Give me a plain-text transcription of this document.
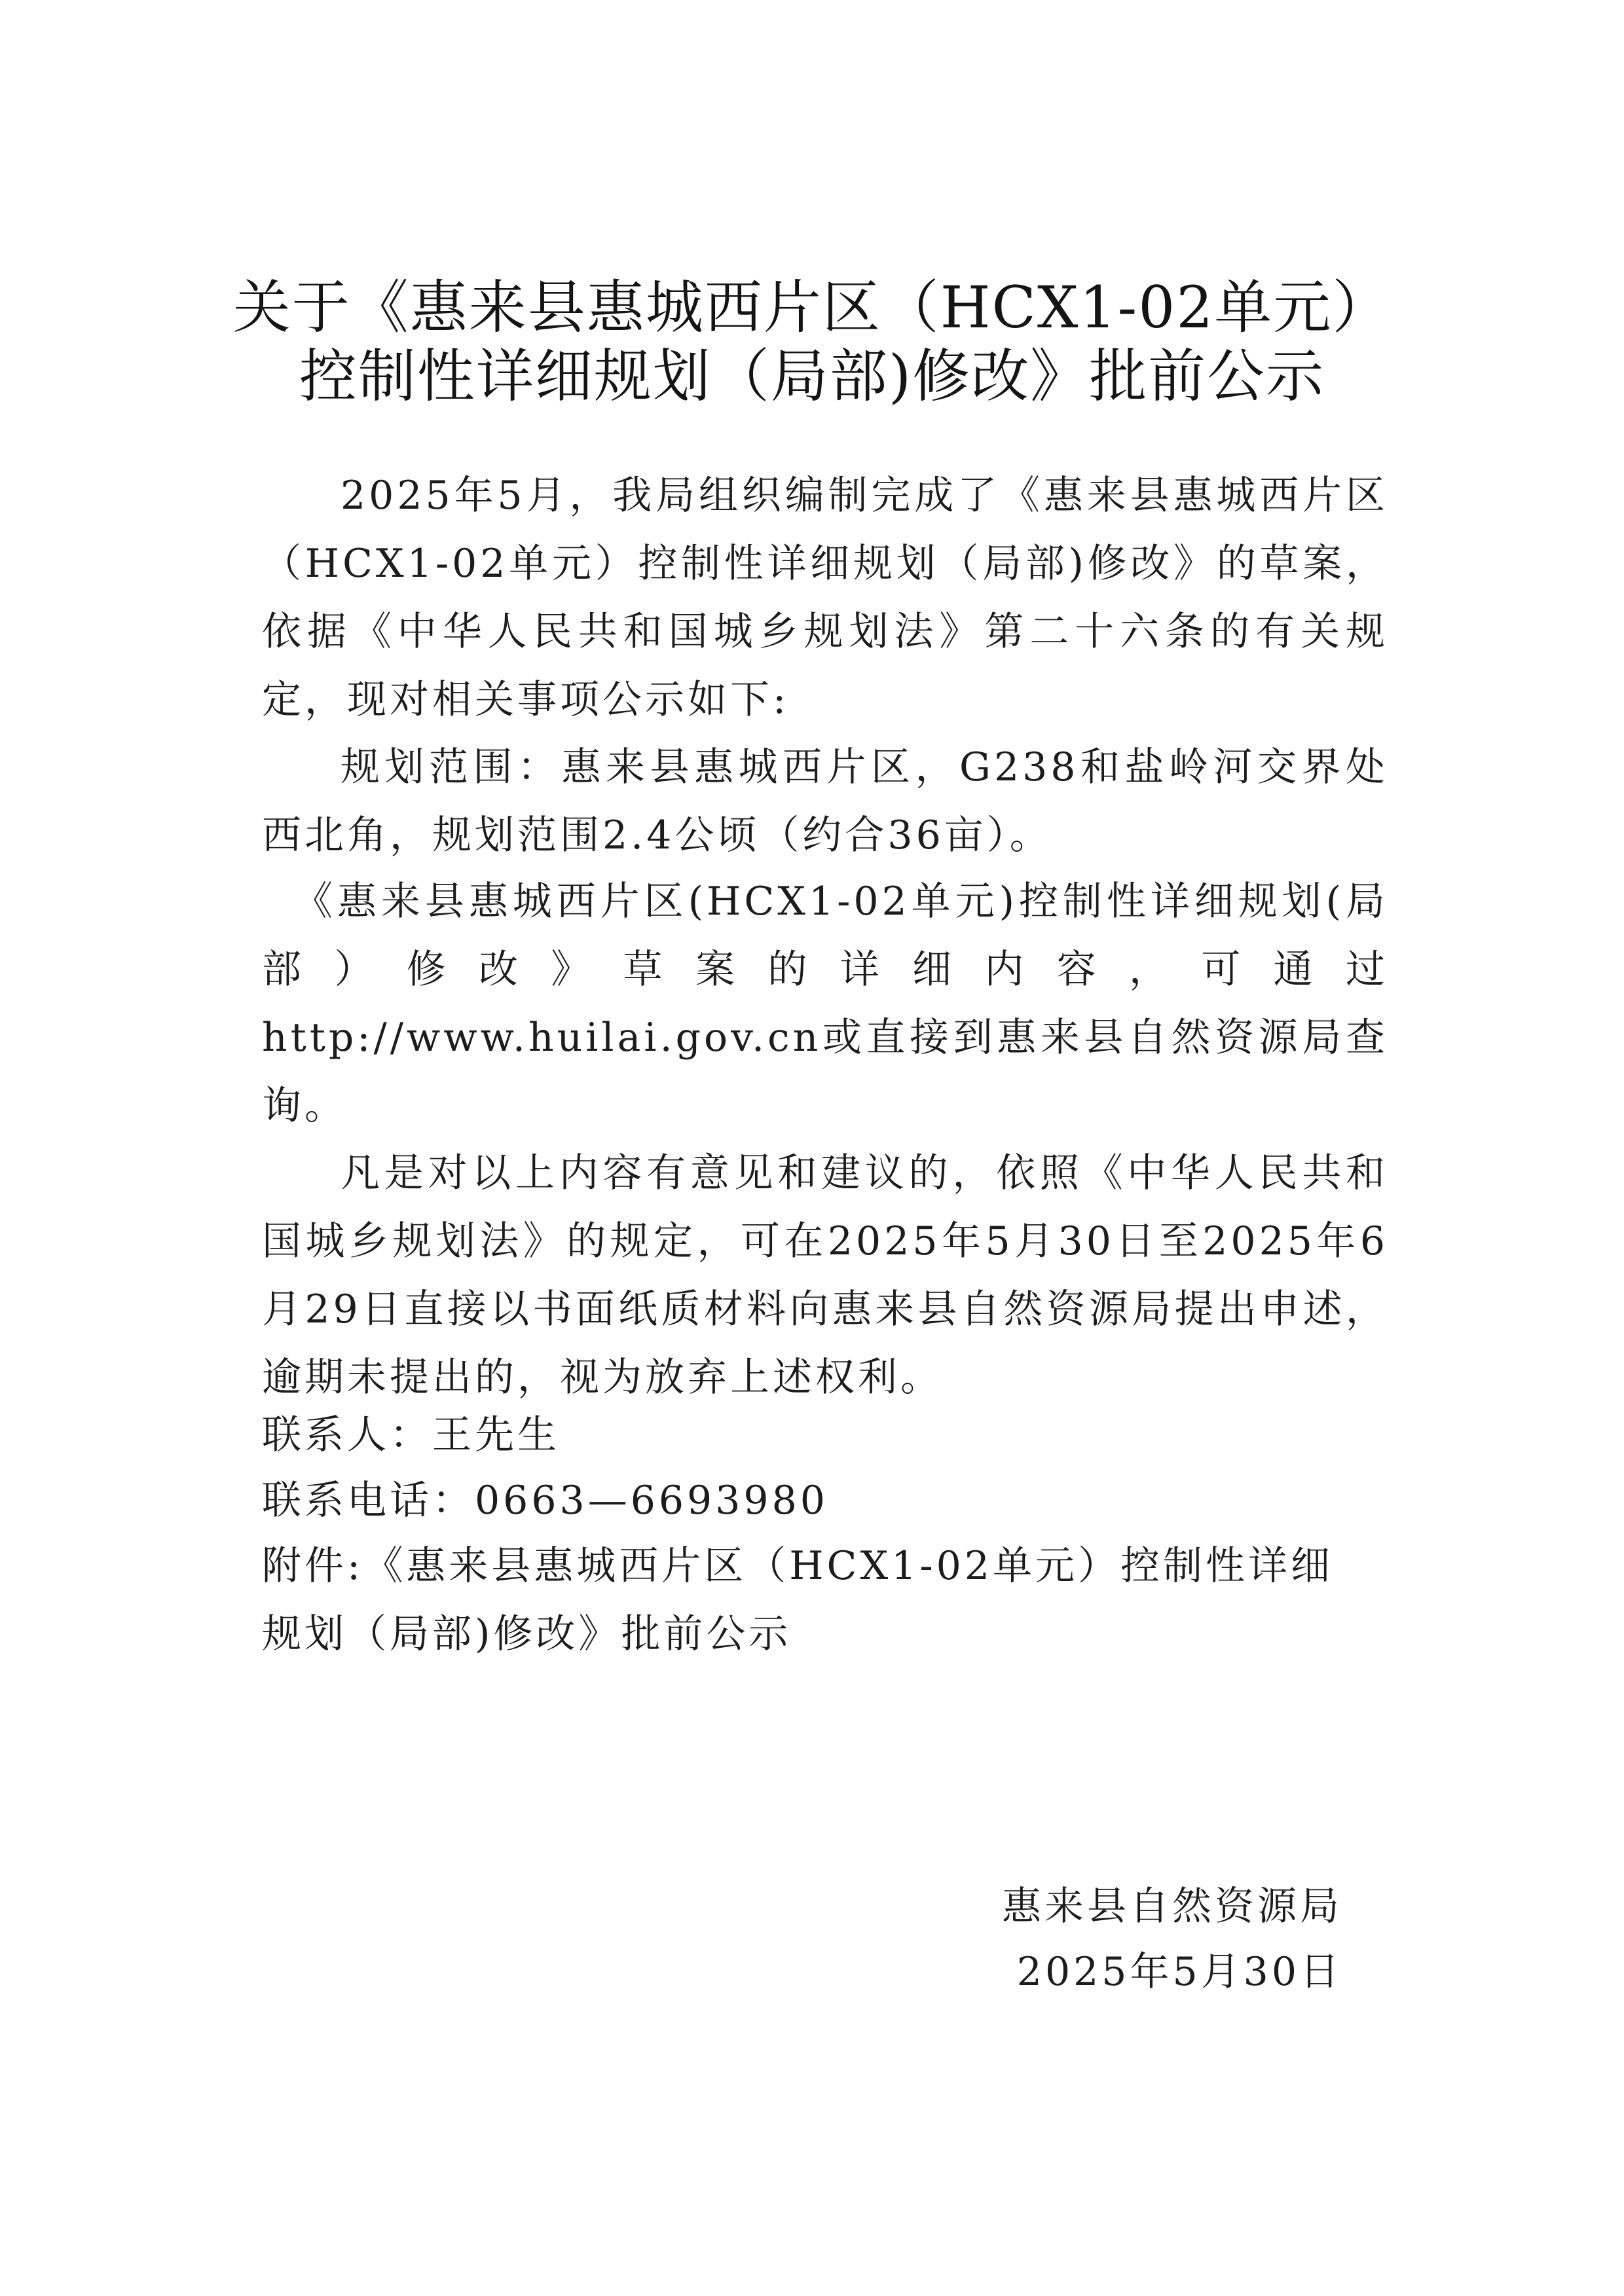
关于《惠来县惠城西片区（HCX1-02单元）
控制性详细规划（局部)修改》批前公示
2025年5月，我局组织编制完成了《惠来县惠城西片区（HCX1-02单元）控制性详细规划（局部)修改》的草案，依据《中华人民共和国城乡规划法》第二十六条的有关规定，现对相关事项公示如下:
规划范围：惠来县惠城西片区，G238和盐岭河交界处西北角，规划范围2.4公顷（约合36亩）。
《惠来县惠城西片区(HCX1-02单元)控制性详细规划(局部）修改》草案的详细内容，可通过http://www.huilai.gov.cn或直接到惠来县自然资源局查询。
凡是对以上内容有意见和建议的，依照《中华人民共和国城乡规划法》的规定，可在2025年5月30日至2025年6月29日直接以书面纸质材料向惠来县自然资源局提出申述，逾期未提出的，视为放弃上述权利。
联系人：王先生
联系电话：0663—6693980
附件:《惠来县惠城西片区（HCX1-02单元）控制性详细规划（局部)修改》批前公示
惠来县自然资源局
2025年5月30日
